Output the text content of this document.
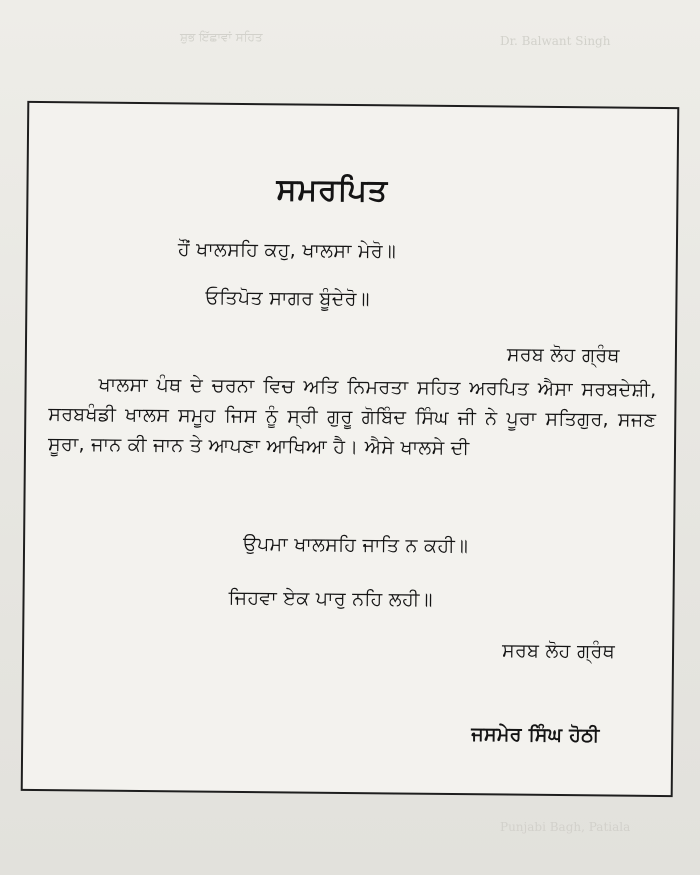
Dr. Balwant Singh
ਸ਼ੁਭ ਇੱਛਾਵਾਂ ਸਹਿਤ
Punjabi Bagh, Patiala
ਸਮਰਪਿਤ
ਹੌਂ ਖਾਲਸਹਿ ਕਹੁ, ਖਾਲਸਾ ਮੇਰੋ॥
ਓਤਿਪੋਤ ਸਾਗਰ ਬੂੰਦੇਰੋ॥
ਸਰਬ ਲੋਹ ਗ੍ਰੰਥ
ਖਾਲਸਾ ਪੰਥ ਦੇ ਚਰਨਾ ਵਿਚ ਅਤਿ ਨਿਮਰਤਾ ਸਹਿਤ ਅਰਪਿਤ ਐਸਾ ਸਰਬਦੇਸ਼ੀ, ਸਰਬਖੰਡੀ ਖਾਲਸ ਸਮੂਹ ਜਿਸ ਨੂੰ ਸ੍ਰੀ ਗੁਰੂ ਗੋਬਿੰਦ ਸਿੰਘ ਜੀ ਨੇ ਪੂਰਾ ਸਤਿਗੁਰ, ਸਜਣ ਸੂਰਾ, ਜਾਨ ਕੀ ਜਾਨ ਤੇ ਆਪਣਾ ਆਖਿਆ ਹੈ। ਐਸੇ ਖਾਲਸੇ ਦੀ
ਉਪਮਾ ਖਾਲਸਹਿ ਜਾਤਿ ਨ ਕਹੀ॥
ਜਿਹਵਾ ਏਕ ਪਾਰੁ ਨਹਿ ਲਹੀ॥
ਸਰਬ ਲੋਹ ਗ੍ਰੰਥ
ਜਸਮੇਰ ਸਿੰਘ ਹੋਠੀ
